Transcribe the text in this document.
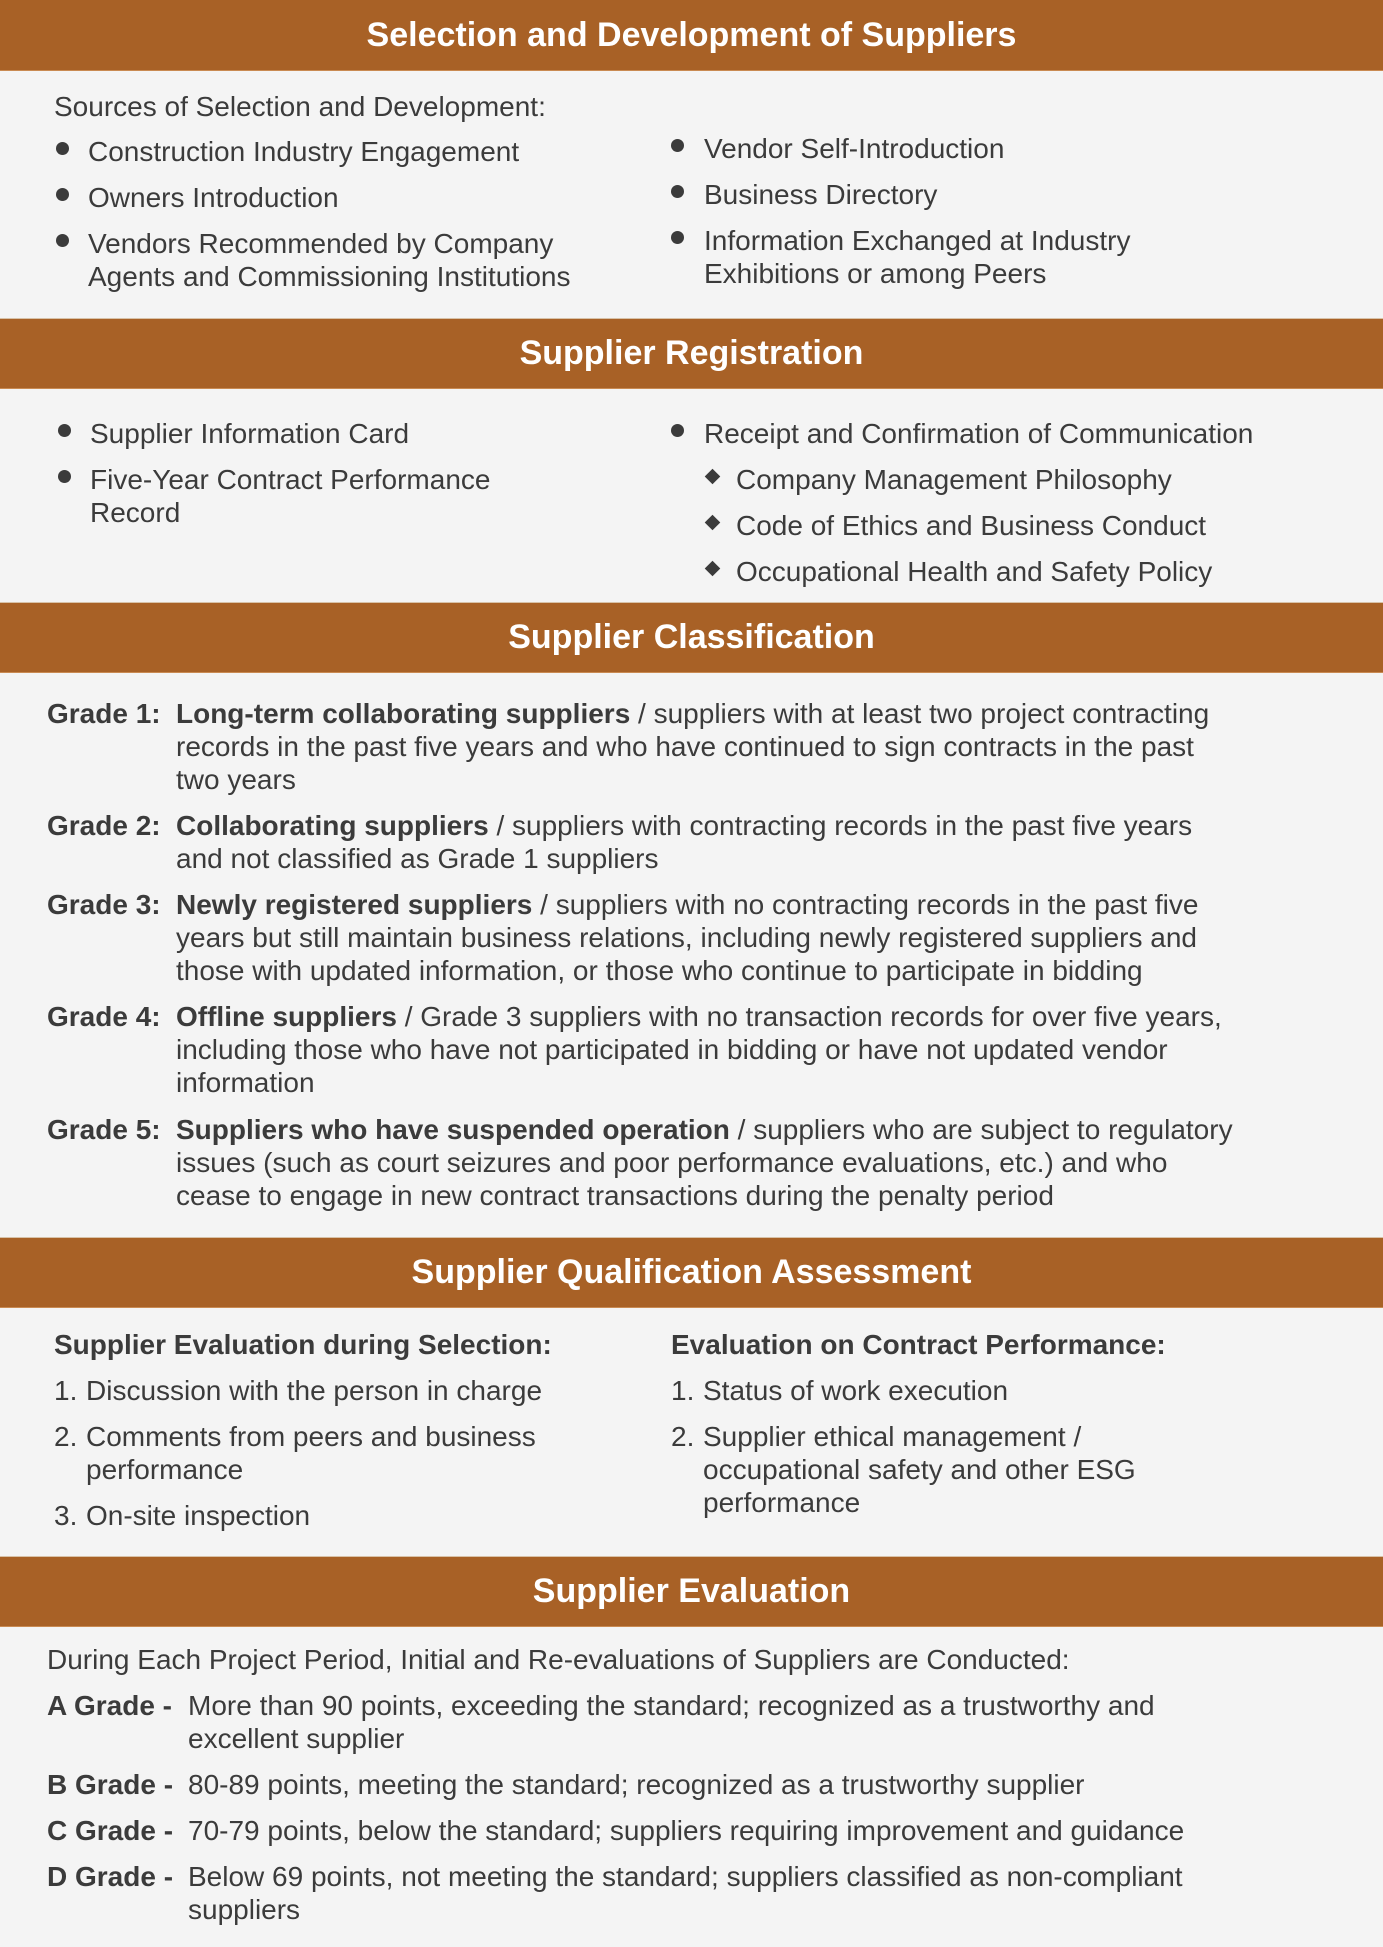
Selection and Development of Suppliers
Sources of Selection and Development:
Construction Industry Engagement
Owners Introduction
Vendors Recommended by Company
Agents and Commissioning Institutions
Vendor Self-Introduction
Business Directory
Information Exchanged at Industry
Exhibitions or among Peers
Supplier Registration
Supplier Information Card
Five-Year Contract Performance
Record
Receipt and Confirmation of Communication
Company Management Philosophy
Code of Ethics and Business Conduct
Occupational Health and Safety Policy
Supplier Classification
Grade 1: Long-term collaborating suppliers / suppliers with at least two project contracting
records in the past five years and who have continued to sign contracts in the past
two years
Grade 2: Collaborating suppliers / suppliers with contracting records in the past five years
and not classified as Grade 1 suppliers
Grade 3: Newly registered suppliers / suppliers with no contracting records in the past five
years but still maintain business relations, including newly registered suppliers and
those with updated information, or those who continue to participate in bidding
Grade 4: Offline suppliers / Grade 3 suppliers with no transaction records for over five years,
including those who have not participated in bidding or have not updated vendor
information
Grade 5: Suppliers who have suspended operation / suppliers who are subject to regulatory
issues (such as court seizures and poor performance evaluations, etc.) and who
cease to engage in new contract transactions during the penalty period
Supplier Qualification Assessment
Supplier Evaluation during Selection:
1. Discussion with the person in charge
2. Comments from peers and business
performance
3. On-site inspection
Evaluation on Contract Performance:
1. Status of work execution
2. Supplier ethical management /
occupational safety and other ESG
performance
Supplier Evaluation
During Each Project Period, Initial and Re-evaluations of Suppliers are Conducted:
A Grade - More than 90 points, exceeding the standard; recognized as a trustworthy and
excellent supplier
B Grade - 80-89 points, meeting the standard; recognized as a trustworthy supplier
C Grade - 70-79 points, below the standard; suppliers requiring improvement and guidance
D Grade - Below 69 points, not meeting the standard; suppliers classified as non-compliant
suppliers
